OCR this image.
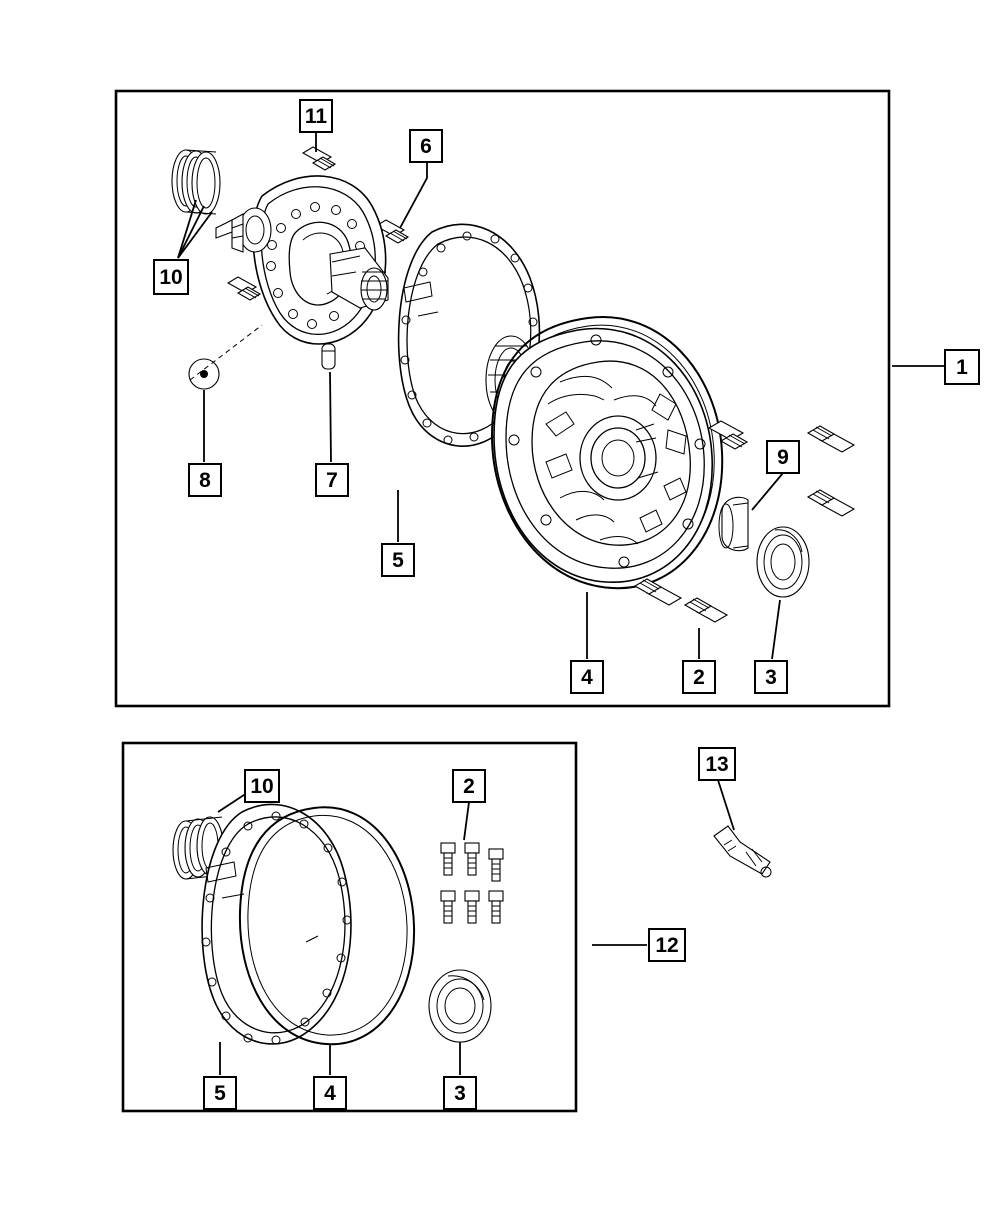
1
11
6
10
8	7
5
4	2	3
9
13
12
10	2
5	4	3
